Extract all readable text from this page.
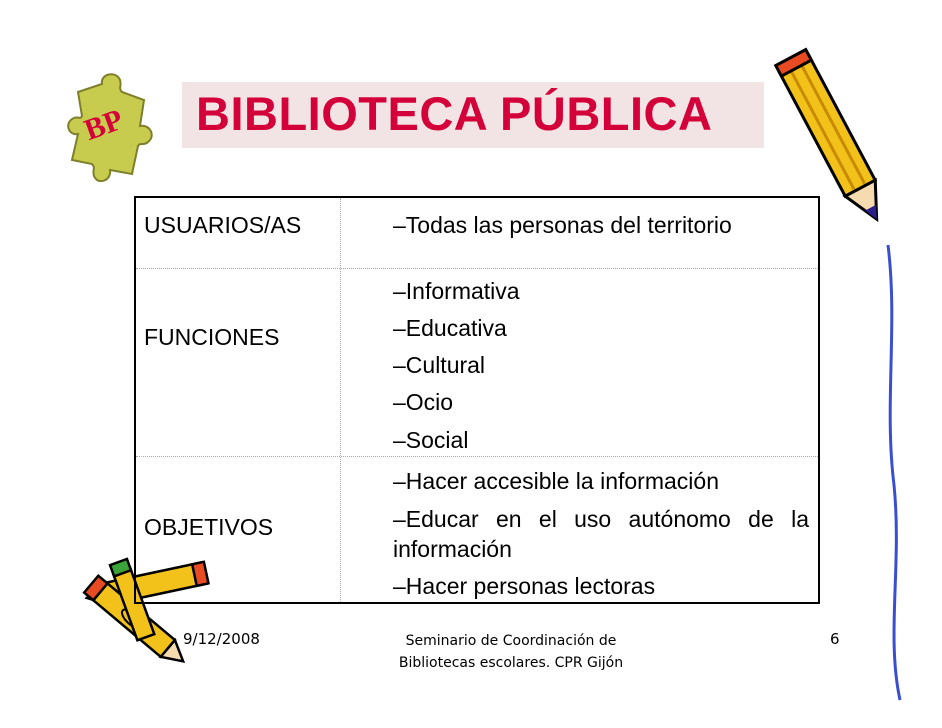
BP BIBLIOTECA PÚBLICA
USUARIOS/AS	–Todas las personas del territorio
FUNCIONES
–Informativa
–Educativa
–Cultural
–Ocio
–Social
OBJETIVOS
–Hacer accesible la información
–Educar en el uso autónomo de la
información
–Hacer personas lectoras
9/12/2008	Seminario de Coordinación de
Bibliotecas escolares. CPR Gijón
6
